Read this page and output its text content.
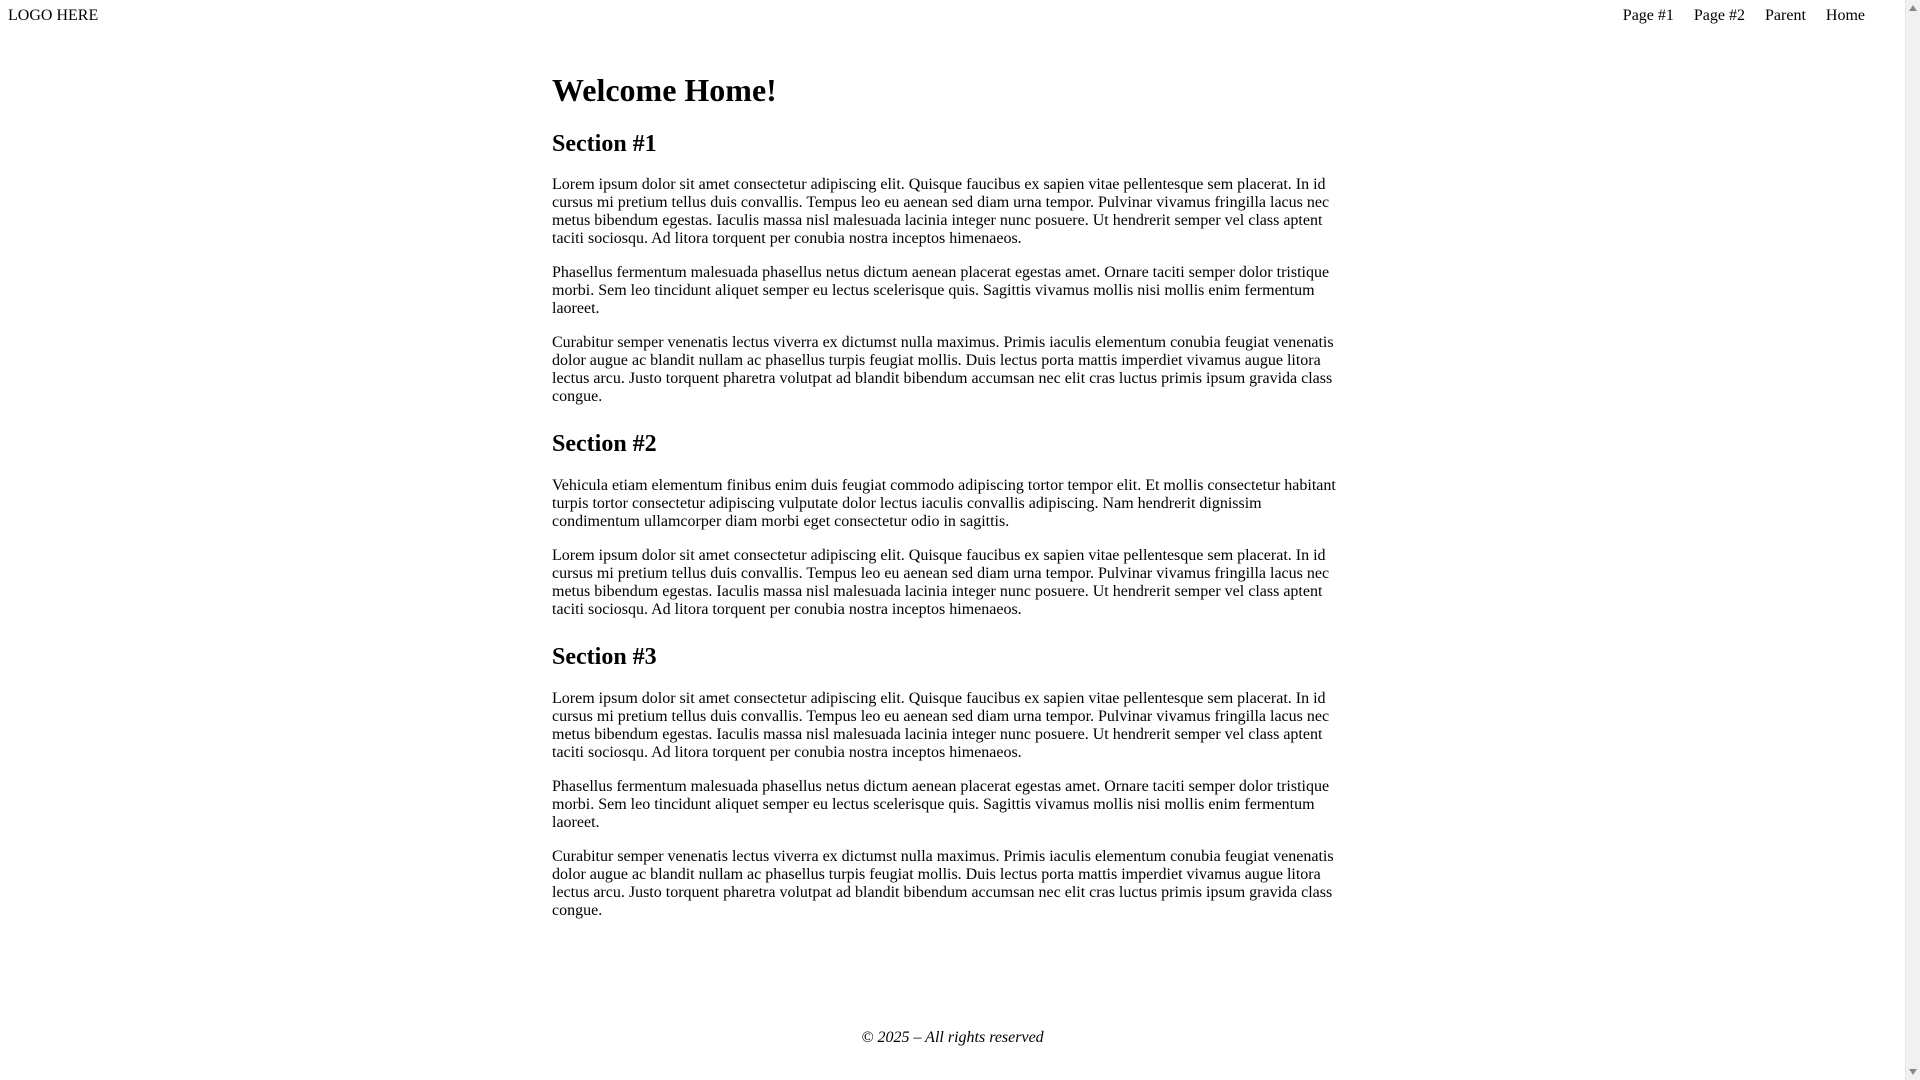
LOGO HERE	Page #1 Page #2 Parent Home
Welcome Home!
Section #1

Lorem ipsum dolor sit amet consectetur adipiscing elit. Quisque faucibus ex sapien vitae pellentesque sem placerat. In id cursus mi pretium tellus duis convallis. Tempus leo eu aenean sed diam urna tempor. Pulvinar vivamus fringilla lacus nec metus bibendum egestas. Iaculis massa nisl malesuada lacinia integer nunc posuere. Ut hendrerit semper vel class aptent taciti sociosqu. Ad litora torquent per conubia nostra inceptos himenaeos.

Phasellus fermentum malesuada phasellus netus dictum aenean placerat egestas amet. Ornare taciti semper dolor tristique morbi. Sem leo tincidunt aliquet semper eu lectus scelerisque quis. Sagittis vivamus mollis nisi mollis enim fermentum laoreet.

Curabitur semper venenatis lectus viverra ex dictumst nulla maximus. Primis iaculis elementum conubia feugiat venenatis dolor augue ac blandit nullam ac phasellus turpis feugiat mollis. Duis lectus porta mattis imperdiet vivamus augue litora lectus arcu. Justo torquent pharetra volutpat ad blandit bibendum accumsan nec elit cras luctus primis ipsum gravida class congue.

Section #2

Vehicula etiam elementum finibus enim duis feugiat commodo adipiscing tortor tempor elit. Et mollis consectetur habitant turpis tortor consectetur adipiscing vulputate dolor lectus iaculis convallis adipiscing. Nam hendrerit dignissim condimentum ullamcorper diam morbi eget consectetur odio in sagittis.

Lorem ipsum dolor sit amet consectetur adipiscing elit. Quisque faucibus ex sapien vitae pellentesque sem placerat. In id cursus mi pretium tellus duis convallis. Tempus leo eu aenean sed diam urna tempor. Pulvinar vivamus fringilla lacus nec metus bibendum egestas. Iaculis massa nisl malesuada lacinia integer nunc posuere. Ut hendrerit semper vel class aptent taciti sociosqu. Ad litora torquent per conubia nostra inceptos himenaeos.

Section #3

Lorem ipsum dolor sit amet consectetur adipiscing elit. Quisque faucibus ex sapien vitae pellentesque sem placerat. In id cursus mi pretium tellus duis convallis. Tempus leo eu aenean sed diam urna tempor. Pulvinar vivamus fringilla lacus nec metus bibendum egestas. Iaculis massa nisl malesuada lacinia integer nunc posuere. Ut hendrerit semper vel class aptent taciti sociosqu. Ad litora torquent per conubia nostra inceptos himenaeos.

Phasellus fermentum malesuada phasellus netus dictum aenean placerat egestas amet. Ornare taciti semper dolor tristique morbi. Sem leo tincidunt aliquet semper eu lectus scelerisque quis. Sagittis vivamus mollis nisi mollis enim fermentum laoreet.

Curabitur semper venenatis lectus viverra ex dictumst nulla maximus. Primis iaculis elementum conubia feugiat venenatis dolor augue ac blandit nullam ac phasellus turpis feugiat mollis. Duis lectus porta mattis imperdiet vivamus augue litora lectus arcu. Justo torquent pharetra volutpat ad blandit bibendum accumsan nec elit cras luctus primis ipsum gravida class congue.

© 2025 – All rights reserved
